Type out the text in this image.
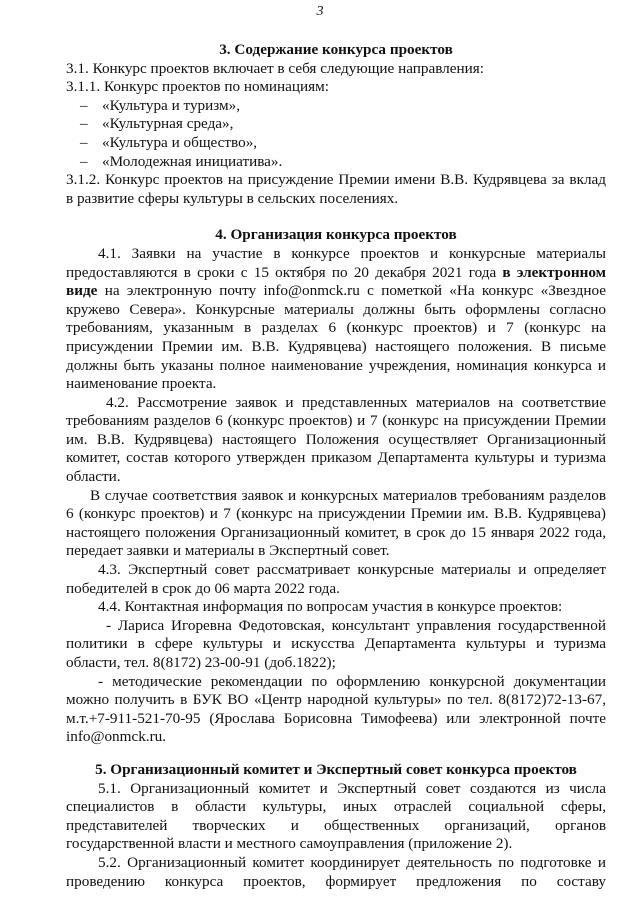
3
3. Содержание конкурса проектов

3.1. Конкурс проектов включает в себя следующие направления:

3.1.1. Конкурс проектов по номинациям:

– «Культура и туризм»,
– «Культурная среда»,
– «Культура и общество»,
– «Молодежная инициатива».

3.1.2. Конкурс проектов на присуждение Премии имени В.В. Кудрявцева за вклад

в развитие сферы культуры в сельских поселениях.

4. Организация конкурса проектов

4.1. Заявки на участие в конкурсе проектов и конкурсные материалы предоставляются в сроки с 15 октября по 20 декабря 2021 года в электронном виде на электронную почту info@onmck.ru с пометкой «На конкурс «Звездное кружево Севера». Конкурсные материалы должны быть оформлены согласно требованиям, указанным в разделах 6 (конкурс проектов) и 7 (конкурс на присуждении Премии им. В.В. Кудрявцева) настоящего положения. В письме должны быть указаны полное наименование учреждения, номинация конкурса и наименование проекта.

4.2. Рассмотрение заявок и представленных материалов на соответствие требованиям разделов 6 (конкурс проектов) и 7 (конкурс на присуждении Премии им. В.В. Кудрявцева) настоящего Положения осуществляет Организационный комитет, состав которого утвержден приказом Департамента культуры и туризма области.

В случае соответствия заявок и конкурсных материалов требованиям разделов 6 (конкурс проектов) и 7 (конкурс на присуждении Премии им. В.В. Кудрявцева) настоящего положения Организационный комитет, в срок до 15 января 2022 года, передает заявки и материалы в Экспертный совет.

4.3. Экспертный совет рассматривает конкурсные материалы и определяет победителей в срок до 06 марта 2022 года.

4.4. Контактная информация по вопросам участия в конкурсе проектов:

- Лариса Игоревна Федотовская, консультант управления государственной политики в сфере культуры и искусства Департамента культуры и туризма области, тел. 8(8172) 23-00-91 (доб.1822);

- методические рекомендации по оформлению конкурсной документации можно получить в БУК ВО «Центр народной культуры» по тел. 8(8172)72-13-67, м.т.+7-911-521-70-95 (Ярослава Борисовна Тимофеева) или электронной почте info@onmck.ru.

5. Организационный комитет и Экспертный совет конкурса проектов

5.1. Организационный комитет и Экспертный совет создаются из числа специалистов в области культуры, иных отраслей социальной сферы, представителей творческих и общественных организаций, органов государственной власти и местного самоуправления (приложение 2).

5.2. Организационный комитет координирует деятельность по подготовке и проведению конкурса проектов, формирует предложения по составу
